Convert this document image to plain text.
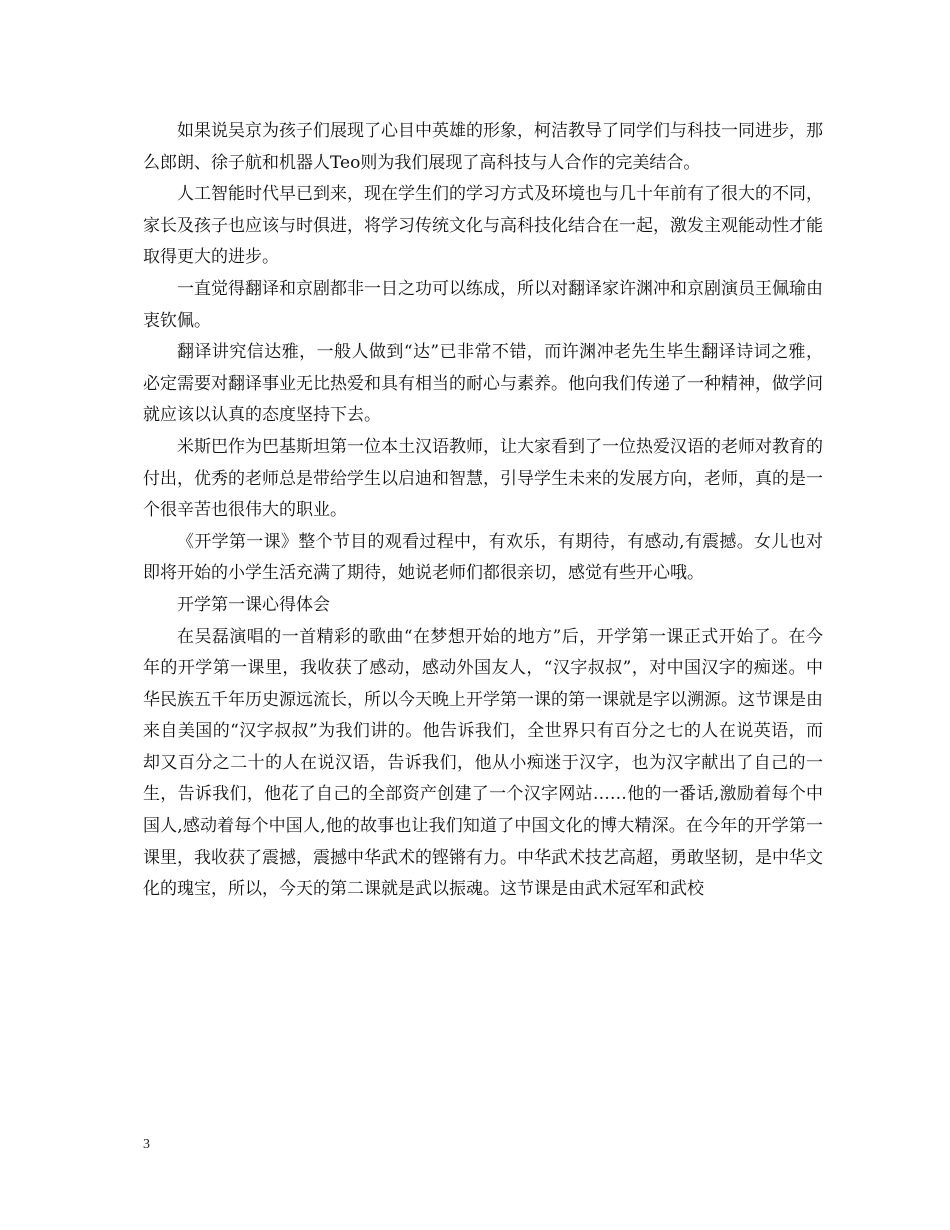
如果说吴京为孩子们展现了心目中英雄的形象，柯洁教导了同学们与科技一同进步，那么郎朗、徐子航和机器人Teo则为我们展现了高科技与人合作的完美结合。

人工智能时代早已到来，现在学生们的学习方式及环境也与几十年前有了很大的不同，家长及孩子也应该与时俱进，将学习传统文化与高科技化结合在一起，激发主观能动性才能取得更大的进步。

一直觉得翻译和京剧都非一日之功可以练成，所以对翻译家许渊冲和京剧演员王佩瑜由衷钦佩。

翻译讲究信达雅，一般人做到“达”已非常不错，而许渊冲老先生毕生翻译诗词之雅，必定需要对翻译事业无比热爱和具有相当的耐心与素养。他向我们传递了一种精神，做学问就应该以认真的态度坚持下去。

米斯巴作为巴基斯坦第一位本土汉语教师，让大家看到了一位热爱汉语的老师对教育的付出，优秀的老师总是带给学生以启迪和智慧，引导学生未来的发展方向，老师，真的是一个很辛苦也很伟大的职业。

《开学第一课》整个节目的观看过程中，有欢乐，有期待，有感动,有震撼。女儿也对即将开始的小学生活充满了期待，她说老师们都很亲切，感觉有些开心哦。

开学第一课心得体会

在吴磊演唱的一首精彩的歌曲“在梦想开始的地方”后，开学第一课正式开始了。在今年的开学第一课里，我收获了感动，感动外国友人，“汉字叔叔”，对中国汉字的痴迷。中华民族五千年历史源远流长，所以今天晚上开学第一课的第一课就是字以溯源。这节课是由来自美国的“汉字叔叔”为我们讲的。他告诉我们，全世界只有百分之七的人在说英语，而却又百分之二十的人在说汉语，告诉我们，他从小痴迷于汉字，也为汉字献出了自己的一生，告诉我们，他花了自己的全部资产创建了一个汉字网站……他的一番话,激励着每个中国人,感动着每个中国人,他的故事也让我们知道了中国文化的博大精深。在今年的开学第一课里，我收获了震撼，震撼中华武术的铿锵有力。中华武术技艺高超，勇敢坚韧，是中华文化的瑰宝，所以，今天的第二课就是武以振魂。这节课是由武术冠军和武校

3
